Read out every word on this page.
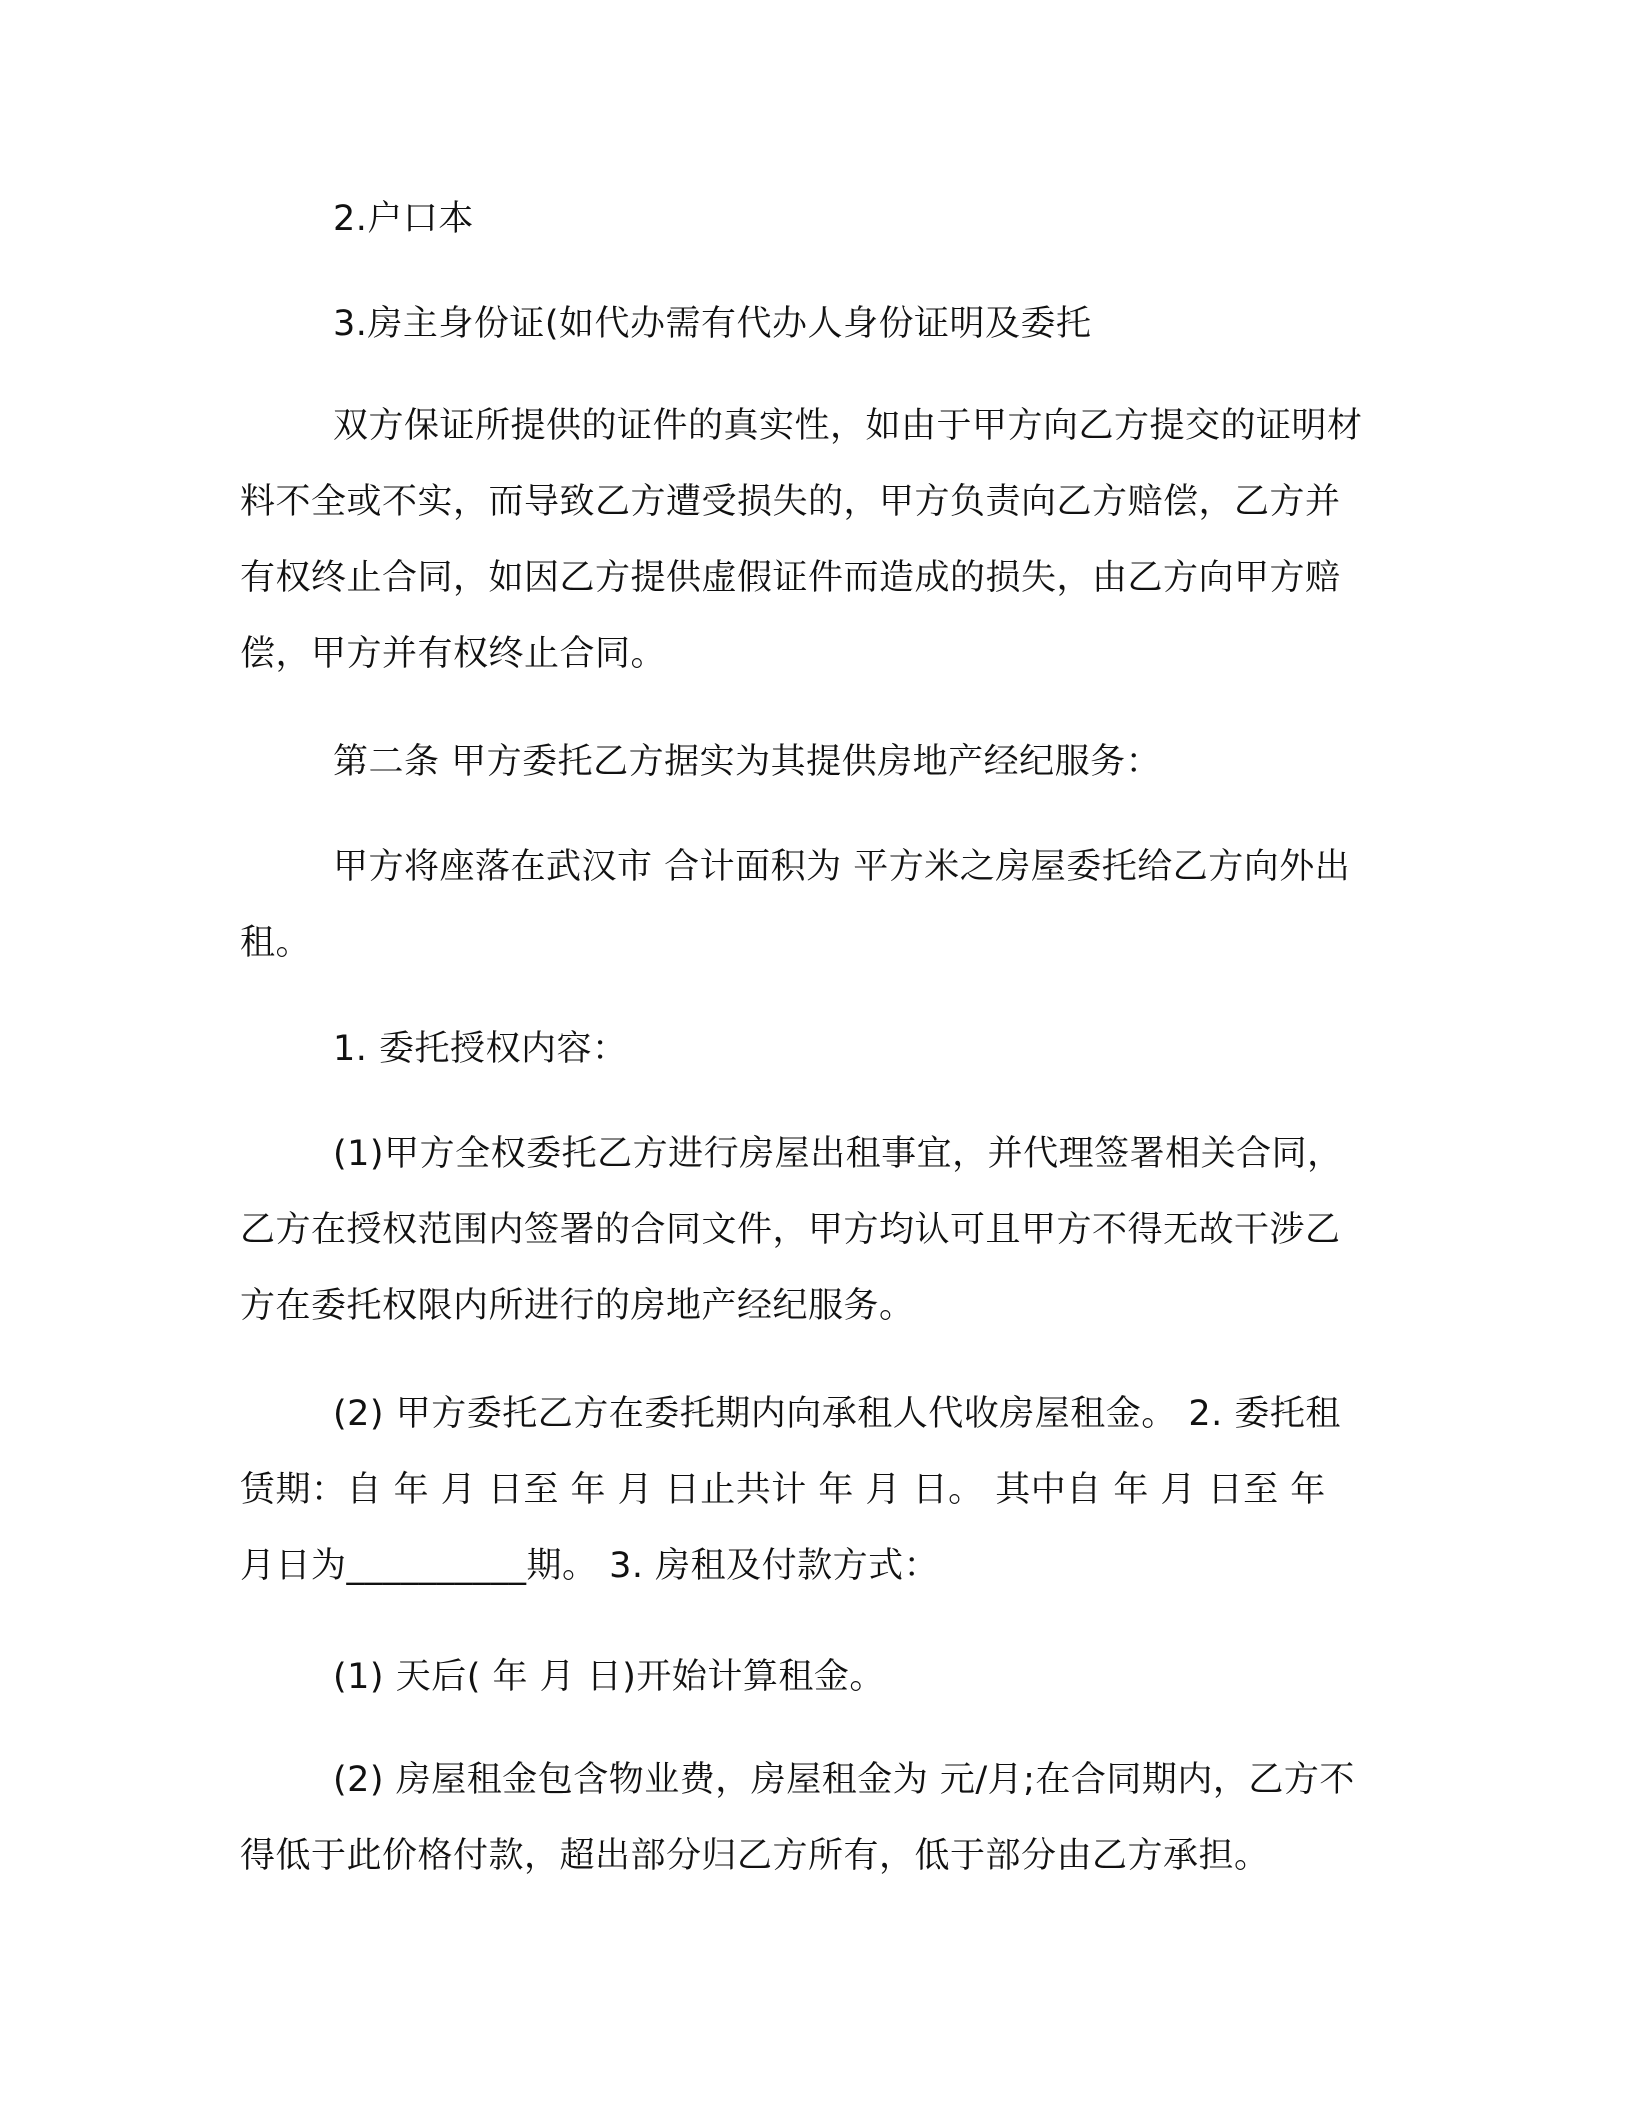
2.户口本

3.房主身份证(如代办需有代办人身份证明及委托

双方保证所提供的证件的真实性，如由于甲方向乙方提交的证明材料不全或不实，而导致乙方遭受损失的，甲方负责向乙方赔偿，乙方并有权终止合同，如因乙方提供虚假证件而造成的损失，由乙方向甲方赔偿，甲方并有权终止合同。

第二条 甲方委托乙方据实为其提供房地产经纪服务：

甲方将座落在武汉市 合计面积为 平方米之房屋委托给乙方向外出租。

1. 委托授权内容：

(1)甲方全权委托乙方进行房屋出租事宜，并代理签署相关合同，乙方在授权范围内签署的合同文件，甲方均认可且甲方不得无故干涉乙方在委托权限内所进行的房地产经纪服务。

(2) 甲方委托乙方在委托期内向承租人代收房屋租金。 2. 委托租赁期：自 年 月 日至 年 月 日止共计 年 月 日。 其中自 年 月 日至 年 月日为__________期。 3. 房租及付款方式：

(1) 天后( 年 月 日)开始计算租金。

(2) 房屋租金包含物业费，房屋租金为 元/月;在合同期内，乙方不得低于此价格付款，超出部分归乙方所有，低于部分由乙方承担。
